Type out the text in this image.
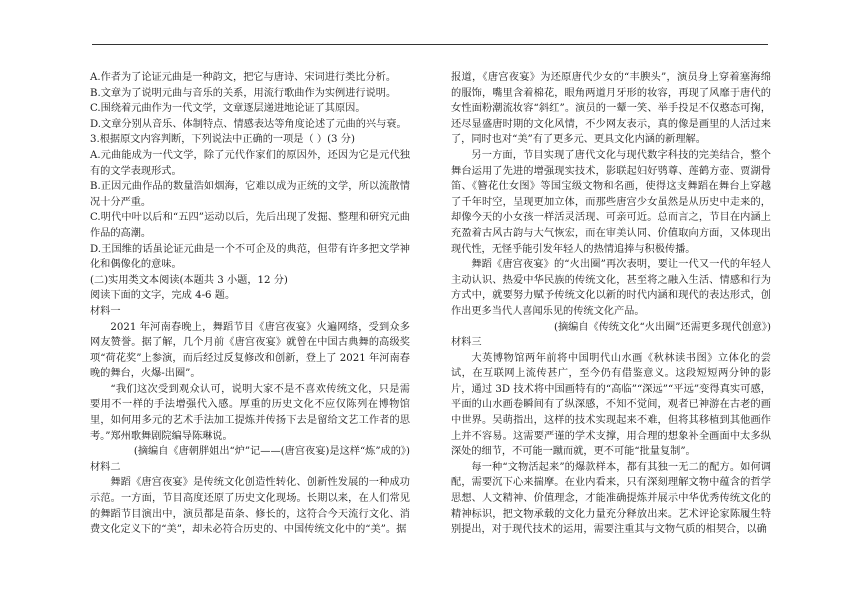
A.作者为了论证元曲是一种韵文，把它与唐诗、宋词进行类比分析。

B.文章为了说明元曲与音乐的关系，用流行歌曲作为实例进行说明。

C.围绕着元曲作为一代文学，文章逐层递进地论证了其原因。

D.文章分别从音乐、体制特点、情感表达等角度论述了元曲的兴与衰。

3.根据原文内容判断，下列说法中正确的一项是（ ）(3 分)

A.元曲能成为一代文学，除了元代作家们的原因外，还因为它是元代独有的文学表现形式。

B.正因元曲作品的数量浩如烟海，它难以成为正统的文学，所以流散情况十分严重。

C.明代中叶以后和“五四”运动以后，先后出现了发掘、整理和研究元曲作品的高潮。

D.王国维的话虽论证元曲是一个不可企及的典范，但带有许多把文学神化和偶像化的意味。

(二)实用类文本阅读(本题共 3 小题，12 分)

阅读下面的文字，完成 4-6 题。

材料一

2021 年河南春晚上，舞蹈节目《唐宫夜宴》火遍网络，受到众多网友赞誉。据了解，几个月前《唐宫夜宴》就曾在中国古典舞的高级奖项“荷花奖”上参演，而后经过反复修改和创新，登上了 2021 年河南春晚的舞台，火爆-出圈”。

“我们这次受到观众认可，说明大家不是不喜欢传统文化，只是需要用不一样的手法增强代入感。厚重的历史文化不应仅陈列在博物馆里，如何用多元的艺术手法加工提炼并传扬下去是留给文艺工作者的思考。”郑州歌舞剧院编导陈琳说。

(摘编自《唐朝胖姐出“炉”记——(唐宫夜宴)是这样“炼”成的》)

材料二

舞蹈《唐宫夜宴》是传统文化创造性转化、创新性发展的一种成功示范。一方面，节目高度还原了历史文化现场。长期以来，在人们常见的舞蹈节目演出中，演员都是苗条、修长的，这符合今天流行文化、消费文化定义下的“美”，却未必符合历史的、中国传统文化中的“美”。据

报道，《唐宫夜宴》为还原唐代少女的“丰腴头”，演员身上穿着塞海绵的服饰，嘴里含着棉花，眼角两道月牙形的妆容，再现了风靡于唐代的女性面粉潮流妆容“斜红”。演员的一颦一笑、举手投足不仅憨态可掬，还尽显盛唐时期的文化风情，不少网友表示，真的像是画里的人活过来了，同时也对“美”有了更多元、更具文化内涵的新理解。

另一方面，节目实现了唐代文化与现代数字科技的完美结合，整个舞台运用了先进的增强现实技术，影联起妇好鸮尊、莲鹤方壶、贾湖骨笛、《簪花仕女图》等国宝级文物和名画，使得这支舞蹈在舞台上穿越了千年时空，呈现更加立体，而那些唐宫少女虽然是从历史中走来的，却像今天的小女孩一样活灵活现、可亲可近。总而言之，节目在内涵上充盈着古风古韵与大气恢宏，而在审美认同、价值取向方面，又体现出现代性，无怪乎能引发年轻人的热情追捧与积极传播。

舞蹈《唐宫夜宴》的“火出圈”再次表明，要让一代又一代的年轻人主动认识、热爱中华民族的传统文化，甚至将之融入生活、情感和行为方式中，就要努力赋予传统文化以新的时代内涵和现代的表达形式，创作出更多当代人喜闻乐见的传统文化产品。

(摘编自《传统文化“火出圈”还需更多现代创意》)

材料三

大英博物馆两年前将中国明代山水画《秋林读书图》立体化的尝试，在互联网上流传甚广，至今仍有借鉴意义。这段短短两分钟的影片，通过 3D 技术将中国画特有的“高临”“深远”“平远”变得真实可感，平面的山水画卷瞬间有了纵深感，不知不觉间，观者已神游在古老的画中世界。吴萌指出，这样的技术实现起来不难，但将其移植到其他画作上并不容易。这需要严谨的学术支撑，用合理的想象补全画面中太多纵深处的细节，不可能一蹴而就，更不可能“批量复制”。

每一种“文物活起来”的爆款样本，都有其独一无二的配方。如何调配，需要沉下心来揣摩。在业内看来，只有深刻理解文物中蕴含的哲学思想、人文精神、价值理念，才能准确提炼并展示中华优秀传统文化的精神标识，把文物承载的文化力量充分释放出来。艺术评论家陈履生特别提出，对于现代技术的运用，需要注重其与文物气质的相契合，以确
